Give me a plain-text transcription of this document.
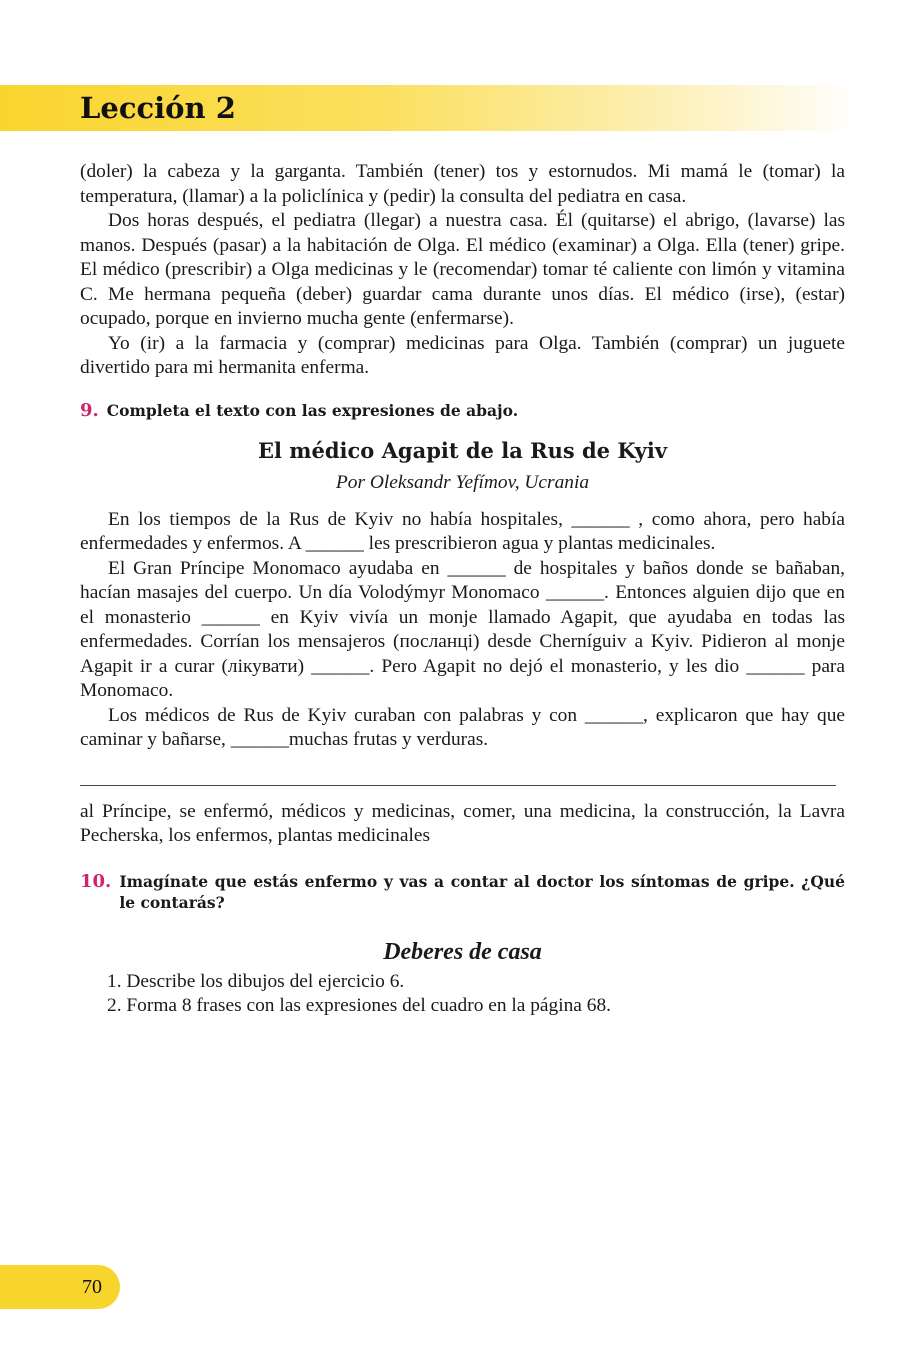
Lección 2

(doler) la cabeza y la garganta. También (tener) tos y estornudos. Mi mamá le (tomar) la temperatura, (llamar) a la policlínica y (pedir) la consulta del pediatra en casa.

Dos horas después, el pediatra (llegar) a nuestra casa. Él (quitarse) el abrigo, (lavarse) las manos. Después (pasar) a la habitación de Olga. El médico (examinar) a Olga. Ella (tener) gripe. El médico (prescribir) a Olga medicinas y le (recomendar) tomar té caliente con limón y vitamina C. Me hermana pequeña (deber) guardar cama durante unos días. El médico (irse), (estar) ocupado, porque en invierno mucha gente (enfermarse).

Yo (ir) a la farmacia y (comprar) medicinas para Olga. También (comprar) un juguete divertido para mi hermanita enferma.

9. Completa el texto con las expresiones de abajo.
El médico Agapit de la Rus de Kyiv

Por Oleksandr Yefímov, Ucrania

En los tiempos de la Rus de Kyiv no había hospitales, ______ , como ahora, pero había enfermedades y enfermos. A ______ les prescribieron agua y plantas medicinales.

El Gran Príncipe Monomaco ayudaba en ______ de hospitales y baños donde se bañaban, hacían masajes del cuerpo. Un día Volodýmyr Monomaco ______. Entonces alguien dijo que en el monasterio ______ en Kyiv vivía un monje llamado Agapit, que ayudaba en todas las enfermedades. Corrían los mensajeros (посланці) desde Cherníguiv a Kyiv. Pidieron al monje Agapit ir a curar (лікувати) ______. Pero Agapit no dejó el monasterio, y les dio ______ para Monomaco.

Los médicos de Rus de Kyiv curaban con palabras y con ______, explicaron que hay que caminar y bañarse, ______muchas frutas y verduras.

al Príncipe, se enfermó, médicos y medicinas, comer, una medicina, la construcción, la Lavra Pecherska, los enfermos, plantas medicinales

10. Imagínate que estás enfermo y vas a contar al doctor los síntomas de gripe. ¿Qué le contarás?
Deberes de casa
1. Describe los dibujos del ejercicio 6.
2. Forma 8 frases con las expresiones del cuadro en la página 68.
70
